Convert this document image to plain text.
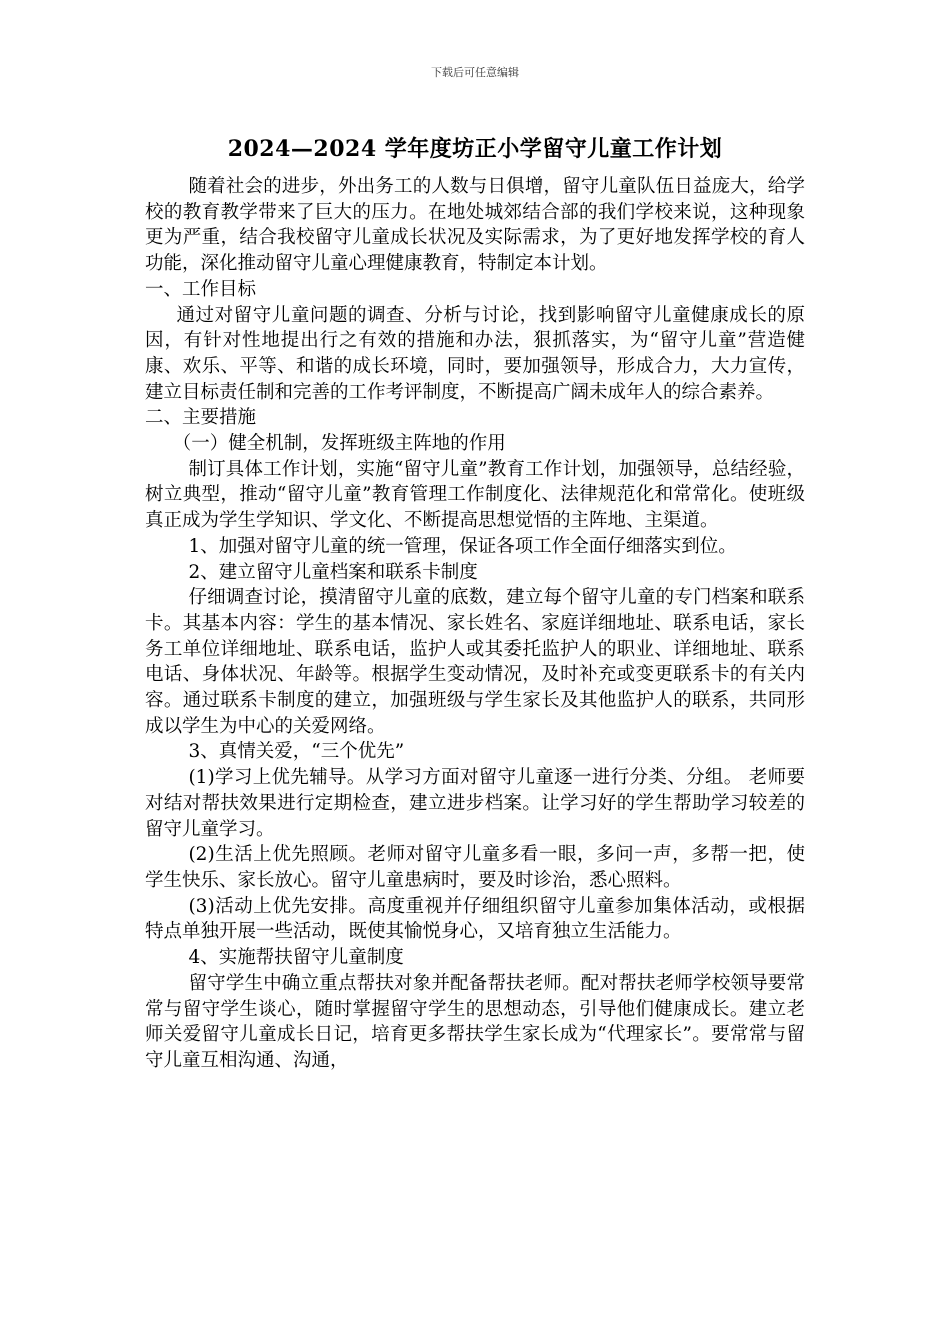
下载后可任意编辑
2024—2024 学年度坊正小学留守儿童工作计划

随着社会的进步，外出务工的人数与日俱增，留守儿童队伍日益庞大，给学校的教育教学带来了巨大的压力。在地处城郊结合部的我们学校来说，这种现象更为严重，结合我校留守儿童成长状况及实际需求，为了更好地发挥学校的育人功能，深化推动留守儿童心理健康教育，特制定本计划。

一、工作目标

通过对留守儿童问题的调查、分析与讨论，找到影响留守儿童健康成长的原因，有针对性地提出行之有效的措施和办法，狠抓落实，为“留守儿童”营造健康、欢乐、平等、和谐的成长环境，同时，要加强领导，形成合力，大力宣传，建立目标责任制和完善的工作考评制度，不断提高广阔未成年人的综合素养。

二、主要措施

（一）健全机制，发挥班级主阵地的作用

制订具体工作计划，实施“留守儿童”教育工作计划，加强领导，总结经验，树立典型，推动“留守儿童”教育管理工作制度化、法律规范化和常常化。使班级真正成为学生学知识、学文化、不断提高思想觉悟的主阵地、主渠道。

1、加强对留守儿童的统一管理，保证各项工作全面仔细落实到位。

2、建立留守儿童档案和联系卡制度

仔细调查讨论，摸清留守儿童的底数，建立每个留守儿童的专门档案和联系卡。其基本内容：学生的基本情况、家长姓名、家庭详细地址、联系电话，家长务工单位详细地址、联系电话，监护人或其委托监护人的职业、详细地址、联系电话、身体状况、年龄等。根据学生变动情况，及时补充或变更联系卡的有关内容。通过联系卡制度的建立，加强班级与学生家长及其他监护人的联系，共同形成以学生为中心的关爱网络。

3、真情关爱，“三个优先”

(1)学习上优先辅导。从学习方面对留守儿童逐一进行分类、分组。 老师要对结对帮扶效果进行定期检查，建立进步档案。让学习好的学生帮助学习较差的留守儿童学习。

(2)生活上优先照顾。老师对留守儿童多看一眼，多问一声，多帮一把，使学生快乐、家长放心。留守儿童患病时，要及时诊治，悉心照料。

(3)活动上优先安排。高度重视并仔细组织留守儿童参加集体活动，或根据特点单独开展一些活动，既使其愉悦身心，又培育独立生活能力。

4、实施帮扶留守儿童制度

留守学生中确立重点帮扶对象并配备帮扶老师。配对帮扶老师学校领导要常常与留守学生谈心，随时掌握留守学生的思想动态，引导他们健康成长。建立老师关爱留守儿童成长日记，培育更多帮扶学生家长成为“代理家长”。要常常与留守儿童互相沟通、沟通，
